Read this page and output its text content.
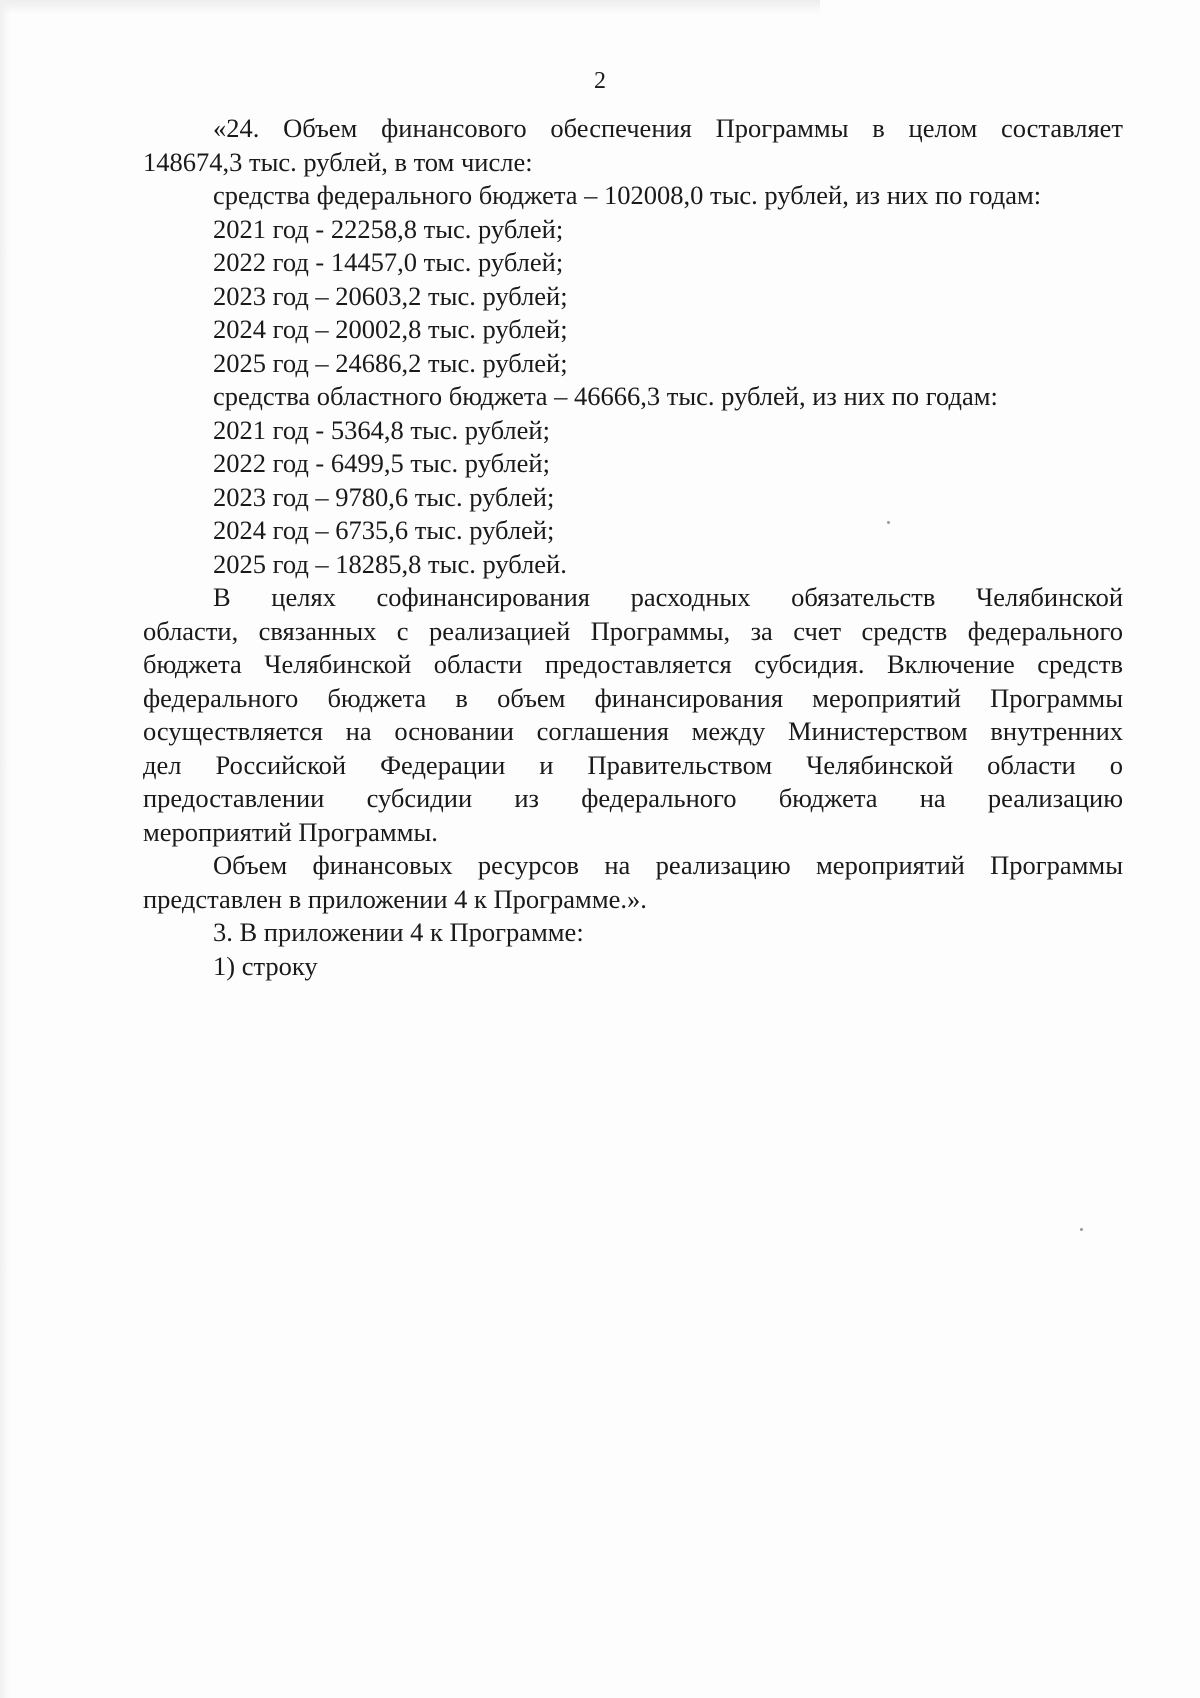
2
«24. Объем финансового обеспечения Программы в целом составляет
148674,3 тыс. рублей, в том числе:
средства федерального бюджета – 102008,0 тыс. рублей, из них по годам:
2021 год - 22258,8 тыс. рублей;
2022 год - 14457,0 тыс. рублей;
2023 год – 20603,2 тыс. рублей;
2024 год – 20002,8 тыс. рублей;
2025 год – 24686,2 тыс. рублей;
средства областного бюджета – 46666,3 тыс. рублей, из них по годам:
2021 год - 5364,8 тыс. рублей;
2022 год - 6499,5 тыс. рублей;
2023 год – 9780,6 тыс. рублей;
2024 год – 6735,6 тыс. рублей;
2025 год – 18285,8 тыс. рублей.
В целях софинансирования расходных обязательств Челябинской
области, связанных с реализацией Программы, за счет средств федерального
бюджета Челябинской области предоставляется субсидия. Включение средств
федерального бюджета в объем финансирования мероприятий Программы
осуществляется на основании соглашения между Министерством внутренних
дел Российской Федерации и Правительством Челябинской области о
предоставлении субсидии из федерального бюджета на реализацию
мероприятий Программы.
Объем финансовых ресурсов на реализацию мероприятий Программы
представлен в приложении 4 к Программе.».
3. В приложении 4 к Программе:
1) строку
